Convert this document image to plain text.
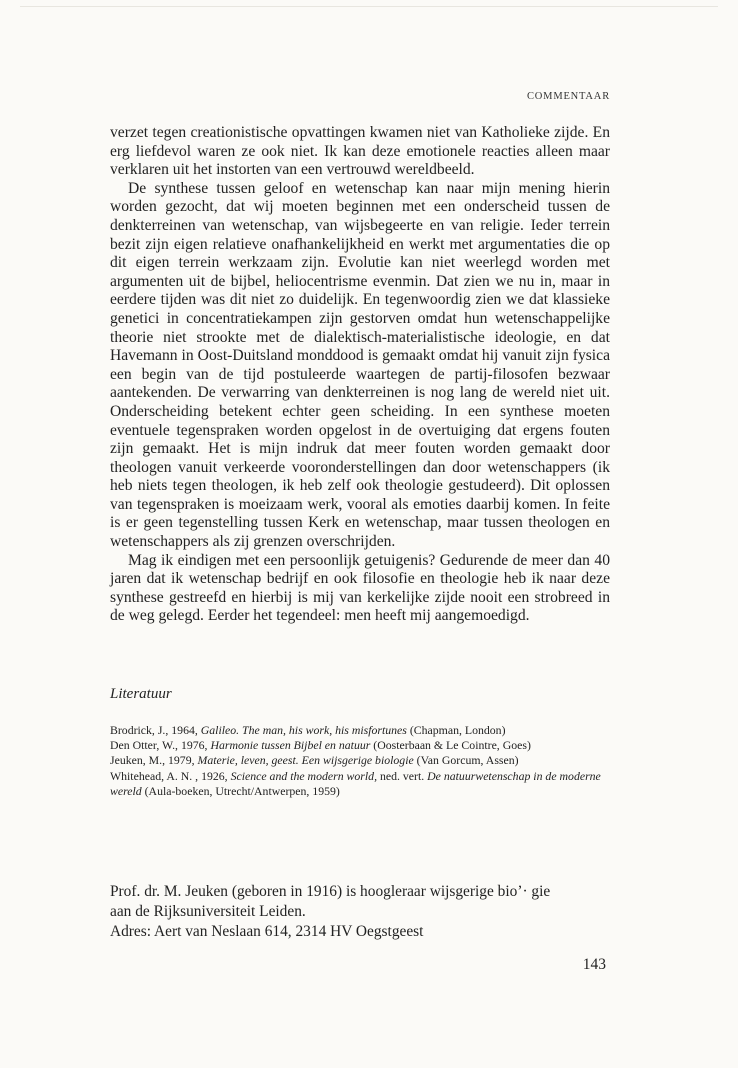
COMMENTAAR

verzet tegen creationistische opvattingen kwamen niet van Katholieke zijde. En erg liefdevol waren ze ook niet. Ik kan deze emotionele reacties alleen maar verklaren uit het instorten van een vertrouwd wereldbeeld.

De synthese tussen geloof en wetenschap kan naar mijn mening hierin worden gezocht, dat wij moeten beginnen met een onderscheid tussen de denkterreinen van wetenschap, van wijsbegeerte en van religie. Ieder terrein bezit zijn eigen relatieve onafhankelijkheid en werkt met argumentaties die op dit eigen terrein werkzaam zijn. Evolutie kan niet weerlegd worden met argumenten uit de bijbel, heliocentrisme evenmin. Dat zien we nu in, maar in eerdere tijden was dit niet zo duidelijk. En tegenwoordig zien we dat klassieke genetici in concentratiekampen zijn gestorven omdat hun wetenschappelijke theorie niet strookte met de dialektisch-materialistische ideologie, en dat Havemann in Oost-Duitsland monddood is gemaakt omdat hij vanuit zijn fysica een begin van de tijd postuleerde waartegen de partij-filosofen bezwaar aantekenden. De verwarring van denkterreinen is nog lang de wereld niet uit. Onderscheiding betekent echter geen scheiding. In een synthese moeten eventuele tegenspraken worden opgelost in de overtuiging dat ergens fouten zijn gemaakt. Het is mijn indruk dat meer fouten worden gemaakt door theologen vanuit verkeerde vooronderstellingen dan door wetenschappers (ik heb niets tegen theologen, ik heb zelf ook theologie gestudeerd). Dit oplossen van tegenspraken is moeizaam werk, vooral als emoties daarbij komen. In feite is er geen tegenstelling tussen Kerk en wetenschap, maar tussen theologen en wetenschappers als zij grenzen overschrijden.

Mag ik eindigen met een persoonlijk getuigenis? Gedurende de meer dan 40 jaren dat ik wetenschap bedrijf en ook filosofie en theologie heb ik naar deze synthese gestreefd en hierbij is mij van kerkelijke zijde nooit een strobreed in de weg gelegd. Eerder het tegendeel: men heeft mij aangemoedigd.

Literatuur
Brodrick, J., 1964, Galileo. The man, his work, his misfortunes (Chapman, London)
Den Otter, W., 1976, Harmonie tussen Bijbel en natuur (Oosterbaan & Le Cointre, Goes)
Jeuken, M., 1979, Materie, leven, geest. Een wijsgerige biologie (Van Gorcum, Assen)
Whitehead, A. N. , 1926, Science and the modern world, ned. vert. De natuurwetenschap in de moderne wereld (Aula-boeken, Utrecht/Antwerpen, 1959)
Prof. dr. M. Jeuken (geboren in 1916) is hoogleraar wijsgerige bio’· gie
aan de Rijksuniversiteit Leiden.
Adres: Aert van Neslaan 614, 2314 HV Oegstgeest
143
